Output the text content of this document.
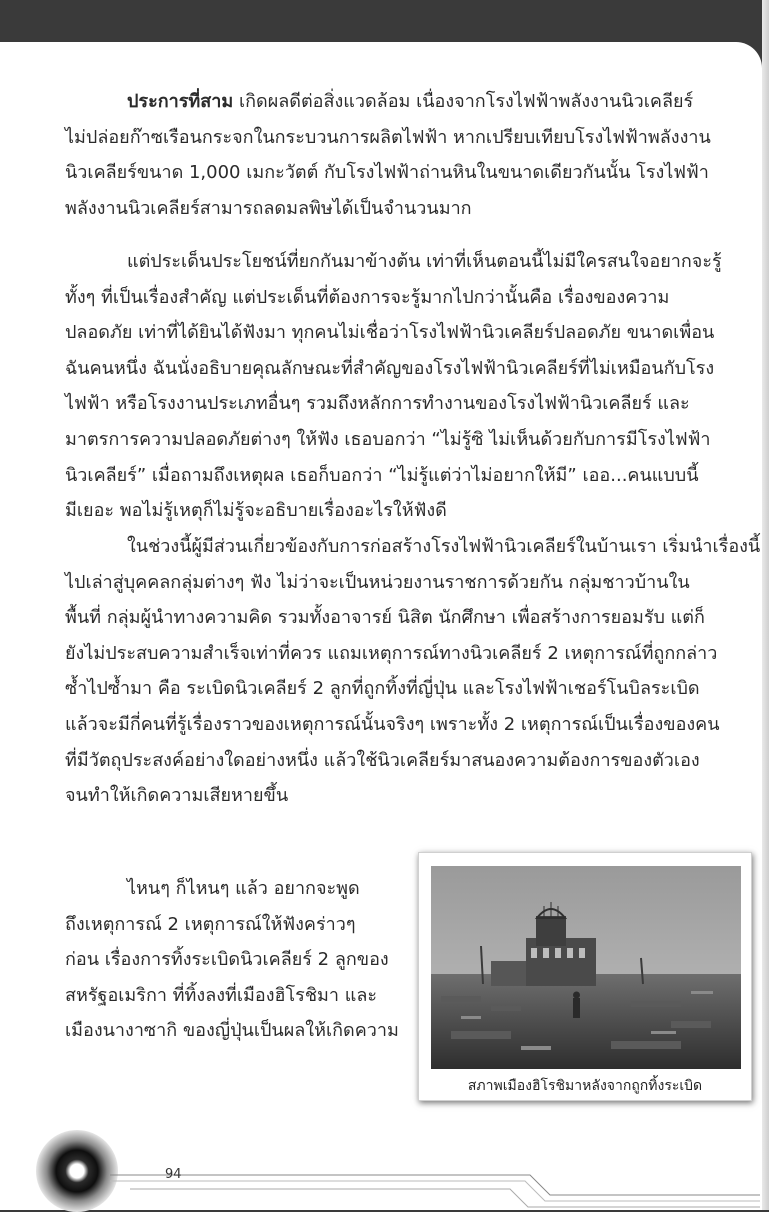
ประการที่สาม เกิดผลดีต่อสิ่งแวดล้อม เนื่องจากโรงไฟฟ้าพลังงานนิวเคลียร์
ไม่ปล่อยก๊าซเรือนกระจกในกระบวนการผลิตไฟฟ้า หากเปรียบเทียบโรงไฟฟ้าพลังงาน
นิวเคลียร์ขนาด 1,000 เมกะวัตต์ กับโรงไฟฟ้าถ่านหินในขนาดเดียวกันนั้น โรงไฟฟ้า
พลังงานนิวเคลียร์สามารถลดมลพิษได้เป็นจำนวนมาก

แต่ประเด็นประโยชน์ที่ยกกันมาข้างต้น เท่าที่เห็นตอนนี้ไม่มีใครสนใจอยากจะรู้
ทั้งๆ ที่เป็นเรื่องสำคัญ แต่ประเด็นที่ต้องการจะรู้มากไปกว่านั้นคือ เรื่องของความ
ปลอดภัย เท่าที่ได้ยินได้ฟังมา ทุกคนไม่เชื่อว่าโรงไฟฟ้านิวเคลียร์ปลอดภัย ขนาดเพื่อน
ฉันคนหนึ่ง ฉันนั่งอธิบายคุณลักษณะที่สำคัญของโรงไฟฟ้านิวเคลียร์ที่ไม่เหมือนกับโรง
ไฟฟ้า หรือโรงงานประเภทอื่นๆ รวมถึงหลักการทำงานของโรงไฟฟ้านิวเคลียร์ และ
มาตรการความปลอดภัยต่างๆ ให้ฟัง เธอบอกว่า “ไม่รู้ซิ ไม่เห็นด้วยกับการมีโรงไฟฟ้า
นิวเคลียร์” เมื่อถามถึงเหตุผล เธอก็บอกว่า “ไม่รู้แต่ว่าไม่อยากให้มี” เออ...คนแบบนี้
มีเยอะ พอไม่รู้เหตุก็ไม่รู้จะอธิบายเรื่องอะไรให้ฟังดี

ในช่วงนี้ผู้มีส่วนเกี่ยวข้องกับการก่อสร้างโรงไฟฟ้านิวเคลียร์ในบ้านเรา เริ่มนำเรื่องนี้
ไปเล่าสู่บุคคลกลุ่มต่างๆ ฟัง ไม่ว่าจะเป็นหน่วยงานราชการด้วยกัน กลุ่มชาวบ้านใน
พื้นที่ กลุ่มผู้นำทางความคิด รวมทั้งอาจารย์ นิสิต นักศึกษา เพื่อสร้างการยอมรับ แต่ก็
ยังไม่ประสบความสำเร็จเท่าที่ควร แถมเหตุการณ์ทางนิวเคลียร์ 2 เหตุการณ์ที่ถูกกล่าว
ซ้ำไปซ้ำมา คือ ระเบิดนิวเคลียร์ 2 ลูกที่ถูกทิ้งที่ญี่ปุ่น และโรงไฟฟ้าเชอร์โนบิลระเบิด
แล้วจะมีกี่คนที่รู้เรื่องราวของเหตุการณ์นั้นจริงๆ เพราะทั้ง 2 เหตุการณ์เป็นเรื่องของคน
ที่มีวัตถุประสงค์อย่างใดอย่างหนึ่ง แล้วใช้นิวเคลียร์มาสนองความต้องการของตัวเอง
จนทำให้เกิดความเสียหายขึ้น

ไหนๆ ก็ไหนๆ แล้ว อยากจะพูด
ถึงเหตุการณ์ 2 เหตุการณ์ให้ฟังคร่าวๆ
ก่อน เรื่องการทิ้งระเบิดนิวเคลียร์ 2 ลูกของ
สหรัฐอเมริกา ที่ทิ้งลงที่เมืองฮิโรชิมา และ
เมืองนางาซากิ ของญี่ปุ่นเป็นผลให้เกิดความ

สภาพเมืองฮิโรชิมาหลังจากถูกทิ้งระเบิด
94
